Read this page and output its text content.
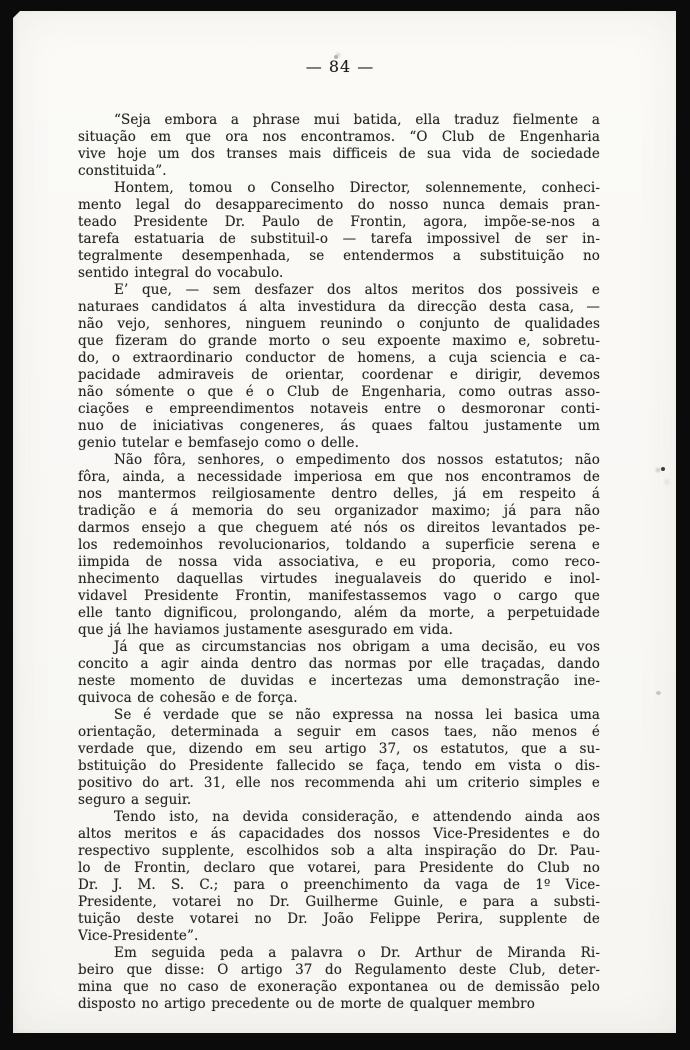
— 84 —
“Seja embora a phrase mui batida, ella traduz fielmente a
situação em que ora nos encontramos. “O Club de Engenharia
vive hoje um dos transes mais difficeis de sua vida de sociedade
constituida”.
Hontem, tomou o Conselho Director, solennemente, conheci-
mento legal do desapparecimento do nosso nunca demais pran-
teado Presidente Dr. Paulo de Frontin, agora, impõe-se-nos a
tarefa estatuaria de substituil-o — tarefa impossivel de ser in-
tegralmente desempenhada, se entendermos a substituição no
sentido integral do vocabulo.
E’ que, — sem desfazer dos altos meritos dos possiveis e
naturaes candidatos á alta investidura da direcção desta casa, —
não vejo, senhores, ninguem reunindo o conjunto de qualidades
que fizeram do grande morto o seu expoente maximo e, sobretu-
do, o extraordinario conductor de homens, a cuja sciencia e ca-
pacidade admiraveis de orientar, coordenar e dirigir, devemos
não sómente o que é o Club de Engenharia, como outras asso-
ciações e empreendimentos notaveis entre o desmoronar conti-
nuo de iniciativas congeneres, ás quaes faltou justamente um
genio tutelar e bemfasejo como o delle.
Não fôra, senhores, o empedimento dos nossos estatutos; não
fôra, ainda, a necessidade imperiosa em que nos encontramos de
nos mantermos reilgiosamente dentro delles, já em respeito á
tradição e á memoria do seu organizador maximo; já para não
darmos ensejo a que cheguem até nós os direitos levantados pe-
los redemoinhos revolucionarios, toldando a superficie serena e
iimpida de nossa vida associativa, e eu proporia, como reco-
nhecimento daquellas virtudes inegualaveis do querido e inol-
vidavel Presidente Frontin, manifestassemos vago o cargo que
elle tanto dignificou, prolongando, além da morte, a perpetuidade
que já lhe haviamos justamente asesgurado em vida.
Já que as circumstancias nos obrigam a uma decisão, eu vos
concito a agir ainda dentro das normas por elle traçadas, dando
neste momento de duvidas e incertezas uma demonstração ine-
quivoca de cohesão e de força.
Se é verdade que se não expressa na nossa lei basica uma
orientação, determinada a seguir em casos taes, não menos é
verdade que, dizendo em seu artigo 37, os estatutos, que a su-
bstituição do Presidente fallecido se faça, tendo em vista o dis-
positivo do art. 31, elle nos recommenda ahi um criterio simples e
seguro a seguir.
Tendo isto, na devida consideração, e attendendo ainda aos
altos meritos e ás capacidades dos nossos Vice-Presidentes e do
respectivo supplente, escolhidos sob a alta inspiração do Dr. Pau-
lo de Frontin, declaro que votarei, para Presidente do Club no
Dr. J. M. S. C.; para o preenchimento da vaga de 1º Vice-
Presidente, votarei no Dr. Guilherme Guinle, e para a substi-
tuição deste votarei no Dr. João Felippe Perira, supplente de
Vice-Presidente”.
Em seguida peda a palavra o Dr. Arthur de Miranda Ri-
beiro que disse: O artigo 37 do Regulamento deste Club, deter-
mina que no caso de exoneração expontanea ou de demissão pelo
disposto no artigo precedente ou de morte de qualquer membro
